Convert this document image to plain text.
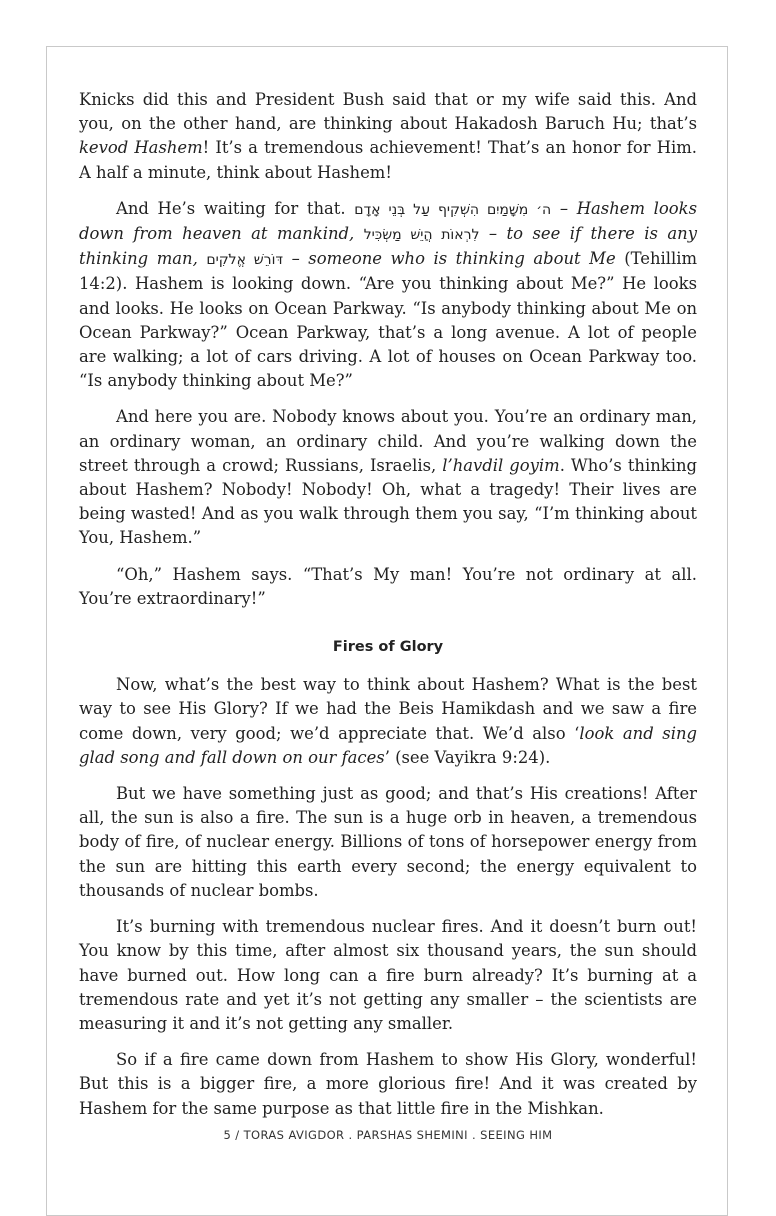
Knicks did this and President Bush said that or my wife said this. And you, on the other hand, are thinking about Hakadosh Baruch Hu; that’s kevod Hashem! It’s a tremendous achievement! That’s an honor for Him. A half a minute, think about Hashem!

And He’s waiting for that. ה׳ מִשָּׁמַיִם הִשְׁקִיף עַל בְּנֵי אָדָם – Hashem looks down from heaven at mankind, לִרְאוֹת הֲיֵשׁ מַשְׂכִּיל – to see if there is any thinking man, דּוֹרֵשׁ אֱלֹקִים – someone who is thinking about Me (Tehillim 14:2). Hashem is looking down. “Are you thinking about Me?” He looks and looks. He looks on Ocean Parkway. “Is anybody thinking about Me on Ocean Parkway?” Ocean Parkway, that’s a long avenue. A lot of people are walking; a lot of cars driving. A lot of houses on Ocean Parkway too. “Is anybody thinking about Me?”

And here you are. Nobody knows about you. You’re an ordinary man, an ordinary woman, an ordinary child. And you’re walking down the street through a crowd; Russians, Israelis, l’havdil goyim. Who’s thinking about Hashem? Nobody! Nobody! Oh, what a tragedy! Their lives are being wasted! And as you walk through them you say, “I’m thinking about You, Hashem.”

“Oh,” Hashem says. “That’s My man! You’re not ordinary at all. You’re extraordinary!”

Fires of Glory

Now, what’s the best way to think about Hashem? What is the best way to see His Glory? If we had the Beis Hamikdash and we saw a fire come down, very good; we’d appreciate that. We’d also ‘look and sing glad song and fall down on our faces’ (see Vayikra 9:24).

But we have something just as good; and that’s His creations! After all, the sun is also a fire. The sun is a huge orb in heaven, a tremendous body of fire, of nuclear energy. Billions of tons of horsepower energy from the sun are hitting this earth every second; the energy equivalent to thousands of nuclear bombs.

It’s burning with tremendous nuclear fires. And it doesn’t burn out! You know by this time, after almost six thousand years, the sun should have burned out. How long can a fire burn already? It’s burning at a tremendous rate and yet it’s not getting any smaller – the scientists are measuring it and it’s not getting any smaller.

So if a fire came down from Hashem to show His Glory, wonderful! But this is a bigger fire, a more glorious fire! And it was created by Hashem for the same purpose as that little fire in the Mishkan.

5 / TORAS AVIGDOR . PARSHAS SHEMINI . SEEING HIM
